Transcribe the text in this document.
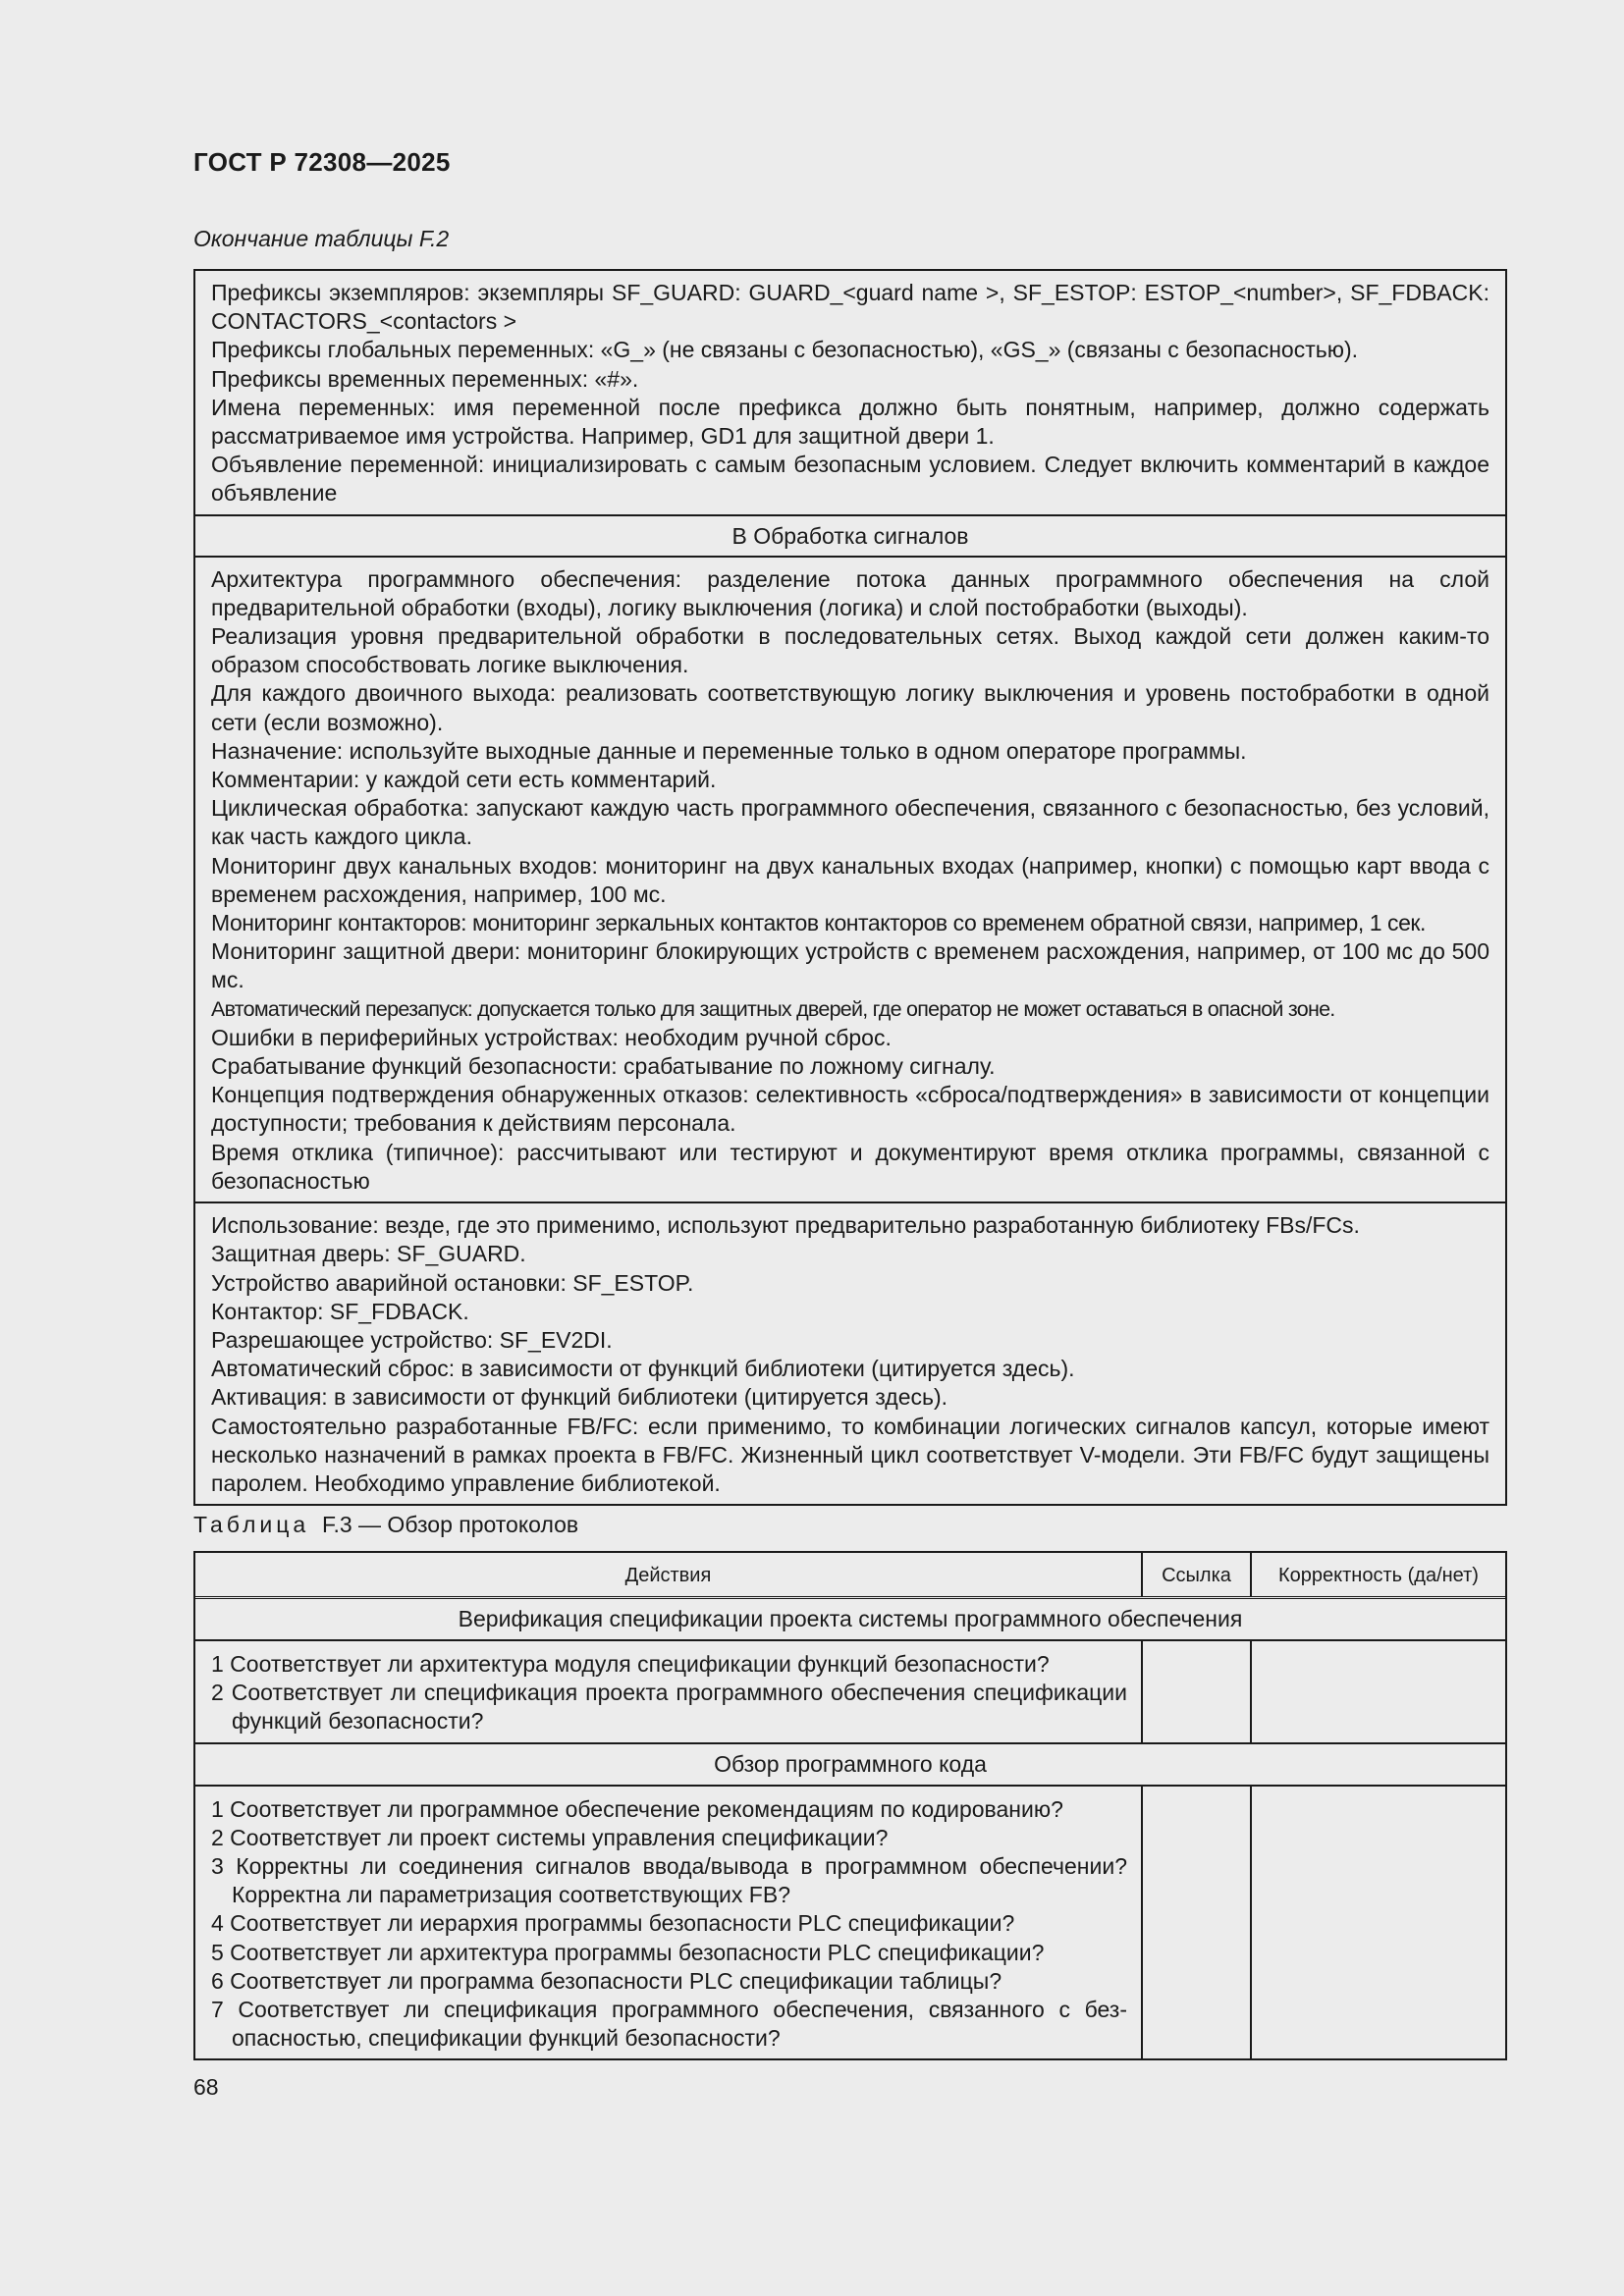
ГОСТ Р 72308—2025
Окончание таблицы F.2

Префиксы экземпляров: экземпляры SF_GUARD: GUARD_<guard name >, SF_ESTOP: ESTOP_<number>, SF_FDBACK: CONTACTORS_<contactors >

Префиксы глобальных переменных: «G_» (не связаны с безопасностью), «GS_» (связаны с безопасностью).

Префиксы временных переменных: «#».

Имена переменных: имя переменной после префикса должно быть понятным, например, должно содержать рассматриваемое имя устройства. Например, GD1 для защитной двери 1.

Объявление переменной: инициализировать с самым безопасным условием. Следует включить комментарий в каждое объявление

В Обработка сигналов

Архитектура программного обеспечения: разделение потока данных программного обеспечения на слой предварительной обработки (входы), логику выключения (логика) и слой постобработки (выходы).

Реализация уровня предварительной обработки в последовательных сетях. Выход каждой сети должен каким-то образом способствовать логике выключения.

Для каждого двоичного выхода: реализовать соответствующую логику выключения и уровень постобработки в одной сети (если возможно).

Назначение: используйте выходные данные и переменные только в одном операторе программы.

Комментарии: у каждой сети есть комментарий.

Циклическая обработка: запускают каждую часть программного обеспечения, связанного с безопасностью, без условий, как часть каждого цикла.

Мониторинг двух канальных входов: мониторинг на двух канальных входах (например, кнопки) с помощью карт ввода с временем расхождения, например, 100 мс.

Мониторинг контакторов: мониторинг зеркальных контактов контакторов со временем обратной связи, например, 1 сек.

Мониторинг защитной двери: мониторинг блокирующих устройств с временем расхождения, например, от 100 мс до 500 мс.

Автоматический перезапуск: допускается только для защитных дверей, где оператор не может оставаться в опасной зоне.

Ошибки в периферийных устройствах: необходим ручной сброс.

Срабатывание функций безопасности: срабатывание по ложному сигналу.

Концепция подтверждения обнаруженных отказов: селективность «сброса/подтверждения» в зависимости от концепции доступности; требования к действиям персонала.

Время отклика (типичное): рассчитывают или тестируют и документируют время отклика программы, связанной с безопасностью

Использование: везде, где это применимо, используют предварительно разработанную библиотеку FBs/FCs.

Защитная дверь: SF_GUARD.

Устройство аварийной остановки: SF_ESTOP.

Контактор: SF_FDBACK.

Разрешающее устройство: SF_EV2DI.

Автоматический сброс: в зависимости от функций библиотеки (цитируется здесь).

Активация: в зависимости от функций библиотеки (цитируется здесь).

Самостоятельно разработанные FB/FC: если применимо, то комбинации логических сигналов капсул, которые имеют несколько назначений в рамках проекта в FB/FC. Жизненный цикл соответствует V-модели. Эти FB/FC будут защищены паролем. Необходимо управление библиотекой.

Таблица F.3 — Обзор протоколов
Действия	Ссылка	Корректность (да/нет)
Верификация спецификации проекта системы программного обеспечения

1 Соответствует ли архитектура модуля спецификации функций безопасности?

2 Соответствует ли спецификация проекта программного обеспечения спецификации функций безопасности?

Обзор программного кода

1 Соответствует ли программное обеспечение рекомендациям по кодированию?

2 Соответствует ли проект системы управления спецификации?

3 Корректны ли соединения сигналов ввода/вывода в программном обеспечении? Корректна ли параметризация соответствующих FB?

4 Соответствует ли иерархия программы безопасности PLC спецификации?

5 Соответствует ли архитектура программы безопасности PLC спецификации?

6 Соответствует ли программа безопасности PLC спецификации таблицы?

7 Соответствует ли спецификация программного обеспечения, связанного с безопасностью, спецификации функций безопасности?

68
